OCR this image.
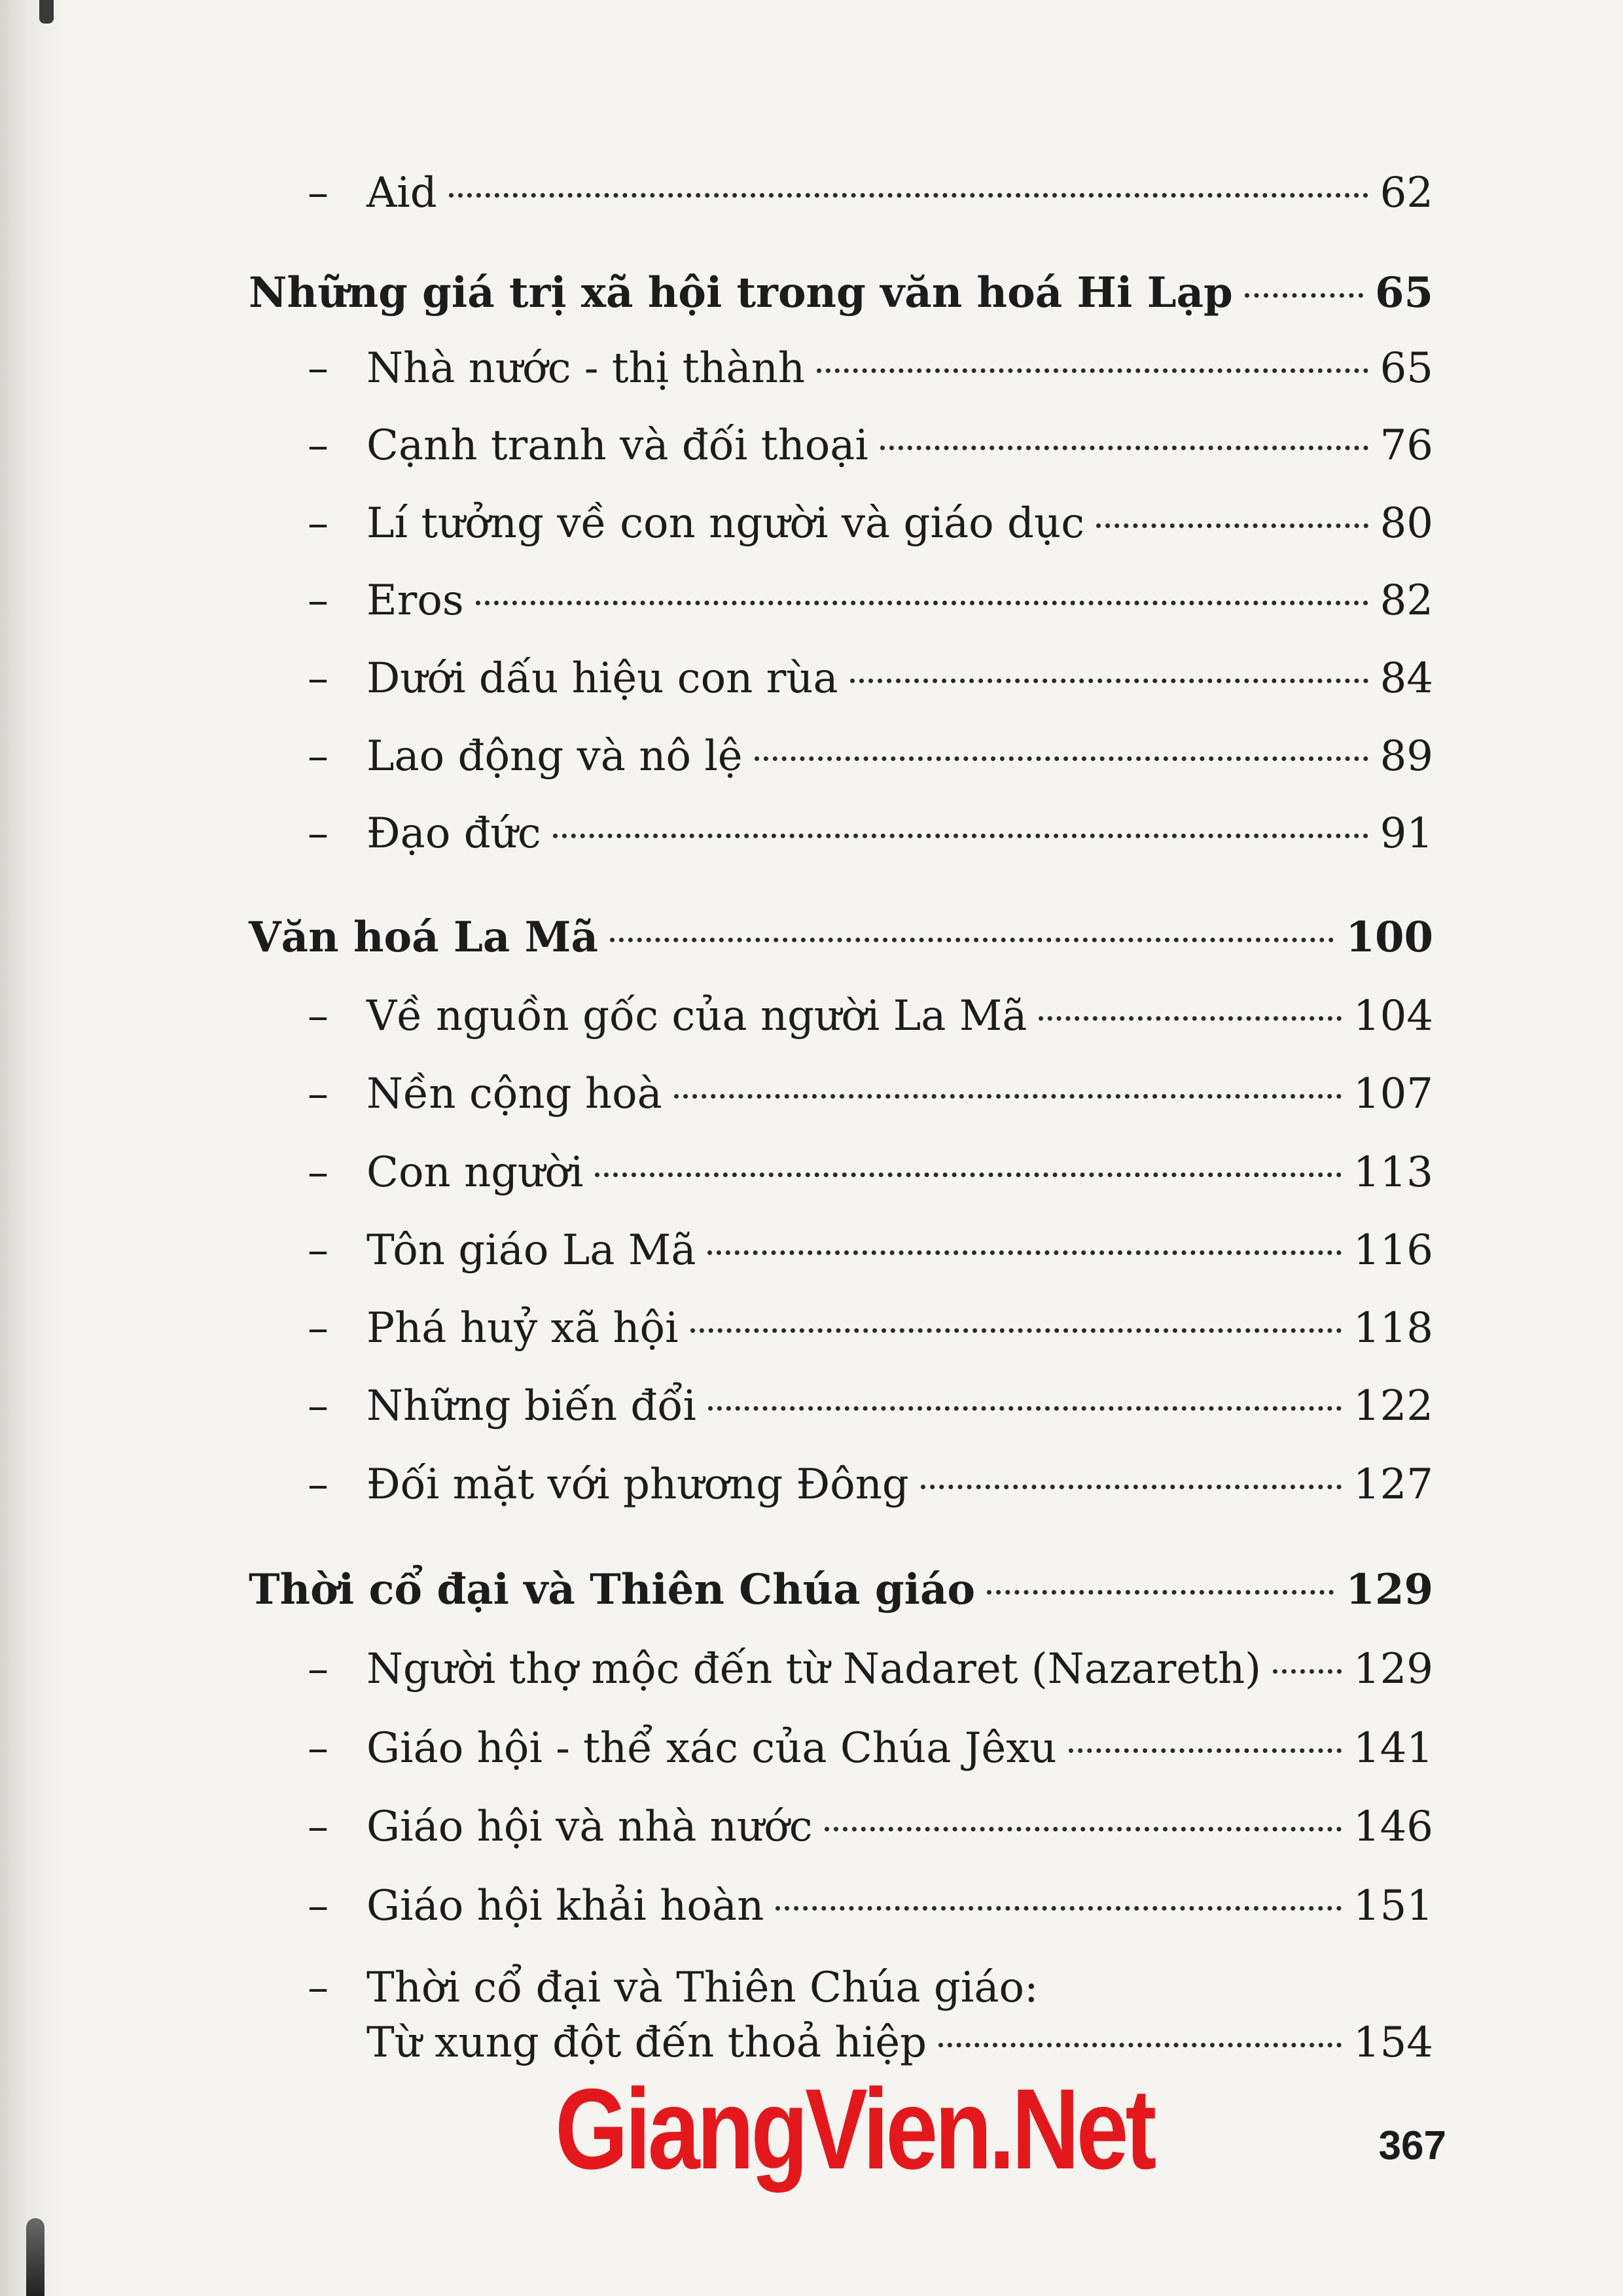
– Aid	62
Những giá trị xã hội trong văn hoá Hi Lạp	65
– Nhà nước - thị thành	65
– Cạnh tranh và đối thoại	76
– Lí tưởng về con người và giáo dục	80
– Eros	82
– Dưới dấu hiệu con rùa	84
– Lao động và nô lệ	89
– Đạo đức	91
Văn hoá La Mã	100
– Về nguồn gốc của người La Mã	104
– Nền cộng hoà	107
– Con người	113
– Tôn giáo La Mã	116
– Phá huỷ xã hội	118
– Những biến đổi	122
– Đối mặt với phương Đông	127
Thời cổ đại và Thiên Chúa giáo	129
– Người thợ mộc đến từ Nadaret (Nazareth) 129
– Giáo hội - thể xác của Chúa Jêxu	141
– Giáo hội và nhà nước	146
– Giáo hội khải hoàn	151
– Thời cổ đại và Thiên Chúa giáo:
Từ xung đột đến thoả hiệp	154
GiangVien.Net	367
